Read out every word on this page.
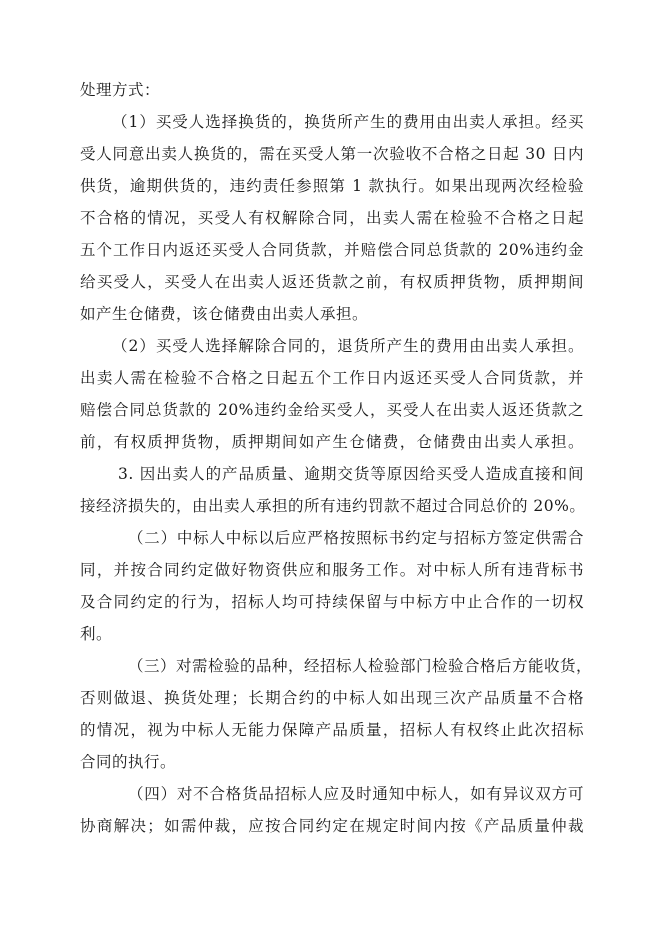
处理方式：
（1）买受人选择换货的，换货所产生的费用由出卖人承担。经买
受人同意出卖人换货的，需在买受人第一次验收不合格之日起 30 日内
供货，逾期供货的，违约责任参照第 1 款执行。如果出现两次经检验
不合格的情况，买受人有权解除合同，出卖人需在检验不合格之日起
五个工作日内返还买受人合同货款，并赔偿合同总货款的 20%违约金
给买受人，买受人在出卖人返还货款之前，有权质押货物，质押期间
如产生仓储费，该仓储费由出卖人承担。
（2）买受人选择解除合同的，退货所产生的费用由出卖人承担。
出卖人需在检验不合格之日起五个工作日内返还买受人合同货款，并
赔偿合同总货款的 20%违约金给买受人，买受人在出卖人返还货款之
前，有权质押货物，质押期间如产生仓储费，仓储费由出卖人承担。
3. 因出卖人的产品质量、逾期交货等原因给买受人造成直接和间
接经济损失的，由出卖人承担的所有违约罚款不超过合同总价的 20%。
（二）中标人中标以后应严格按照标书约定与招标方签定供需合
同，并按合同约定做好物资供应和服务工作。对中标人所有违背标书
及合同约定的行为，招标人均可持续保留与中标方中止合作的一切权
利。
（三）对需检验的品种，经招标人检验部门检验合格后方能收货，
否则做退、换货处理；长期合约的中标人如出现三次产品质量不合格
的情况，视为中标人无能力保障产品质量，招标人有权终止此次招标
合同的执行。
（四）对不合格货品招标人应及时通知中标人，如有异议双方可
协商解决；如需仲裁，应按合同约定在规定时间内按《产品质量仲裁
